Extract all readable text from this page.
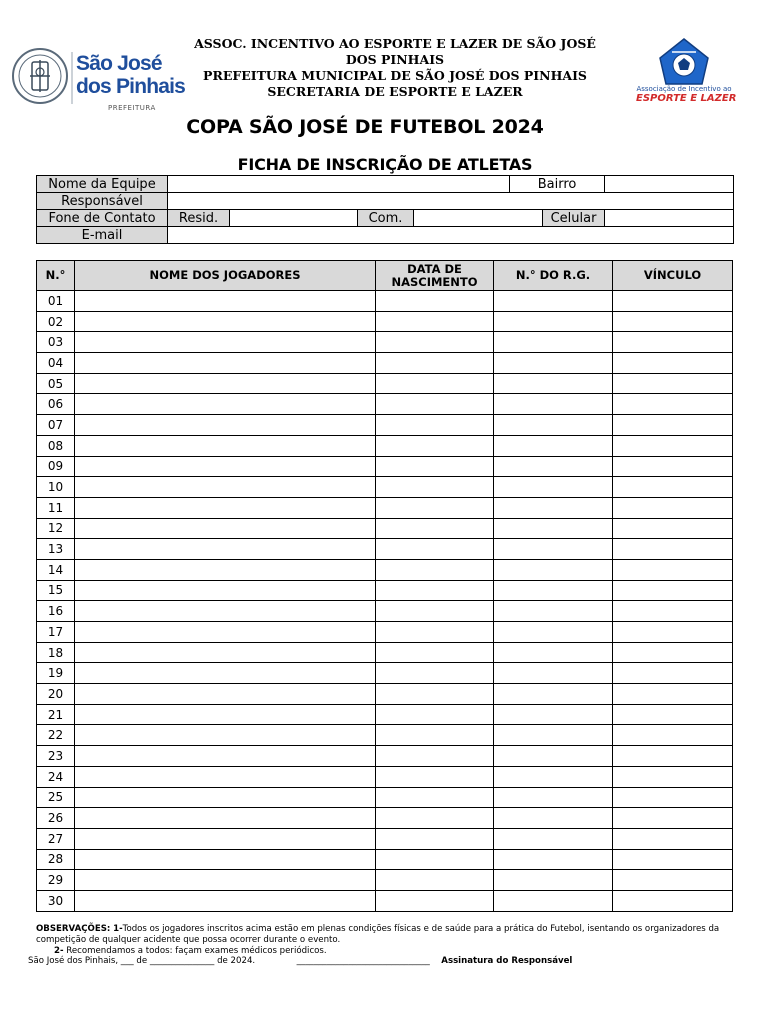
São José
dos Pinhais
PREFEITURA
ASSOC. INCENTIVO AO ESPORTE E LAZER DE SÃO JOSÉ
DOS PINHAIS
PREFEITURA MUNICIPAL DE SÃO JOSÉ DOS PINHAIS
SECRETARIA DE ESPORTE E LAZER	Associação de Incentivo ao
ESPORTE E LAZER
COPA SÃO JOSÉ DE FUTEBOL 2024
FICHA DE INSCRIÇÃO DE ATLETAS
Nome da Equipe					Bairro		
Responsável							
Fone de Contato	Resid.		Com.			Celular	
E-mail							
N.°	NOME DOS JOGADORES	DATA DE NASCIMENTO	N.° DO R.G.	VÍNCULO
01				
02				
03				
04				
05				
06				
07				
08				
09				
10				
11				
12				
13				
14				
15				
16				
17				
18				
19				
20				
21				
22				
23				
24				
25				
26				
27				
28				
29				
30				
OBSERVAÇÕES: 1-Todos os jogadores inscritos acima estão em plenas condições físicas e de saúde para a prática do Futebol, isentando os organizadores da competição de qualquer acidente que possa ocorrer durante o evento.
2- Recomendamos a todos: façam exames médicos periódicos.
São José dos Pinhais, ___ de _______________ de 2024.	_______________________________ Assinatura do Responsável
